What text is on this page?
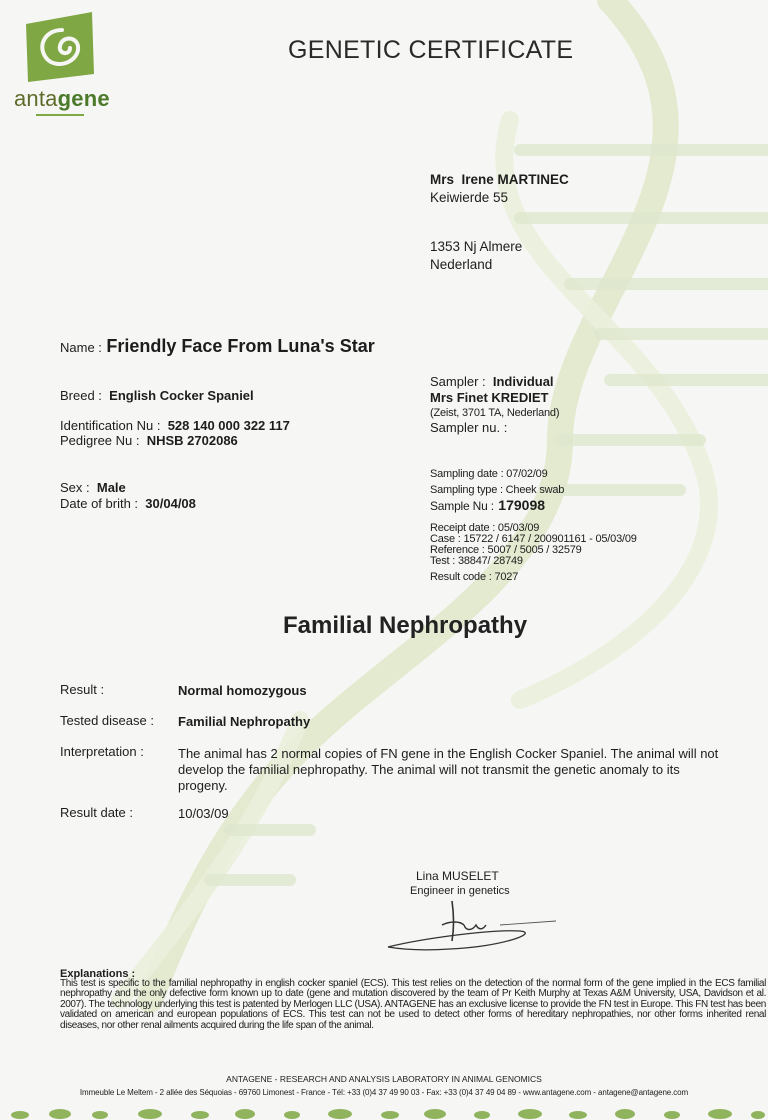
antagene
GENETIC CERTIFICATE
Mrs Irene MARTINEC
Keiwierde 55
1353 Nj Almere
Nederland
Name : Friendly Face From Luna's Star
Breed : English Cocker Spaniel
Identification Nu : 528 140 000 322 117
Pedigree Nu : NHSB 2702086
Sex : Male
Date of brith : 30/04/08
Sampler : Individual
Mrs Finet KREDIET
(Zeist, 3701 TA, Nederland)
Sampler nu. :
Sampling date : 07/02/09
Sampling type : Cheek swab
Sample Nu : 179098
Receipt date : 05/03/09
Case : 15722 / 6147 / 200901161 - 05/03/09
Reference : 5007 / 5005 / 32579
Test : 38847/ 28749
Result code : 7027
Familial Nephropathy
Result :	Normal homozygous
Tested disease : Familial Nephropathy
Interpretation :	The animal has 2 normal copies of FN gene in the English Cocker Spaniel. The animal will not develop the familial nephropathy. The animal will not transmit the genetic anomaly to its progeny.
Result date :	10/03/09
Lina MUSELET
Engineer in genetics
Explanations :
This test is specific to the familial nephropathy in english cocker spaniel (ECS). This test relies on the detection of the normal form of the gene implied in the ECS familial nephropathy and the only defective form known up to date (gene and mutation discovered by the team of Pr Keith Murphy at Texas A&M University, USA, Davidson et al. 2007). The technology underlying this test is patented by Merlogen LLC (USA). ANTAGENE has an exclusive license to provide the FN test in Europe. This FN test has been validated on american and european populations of ECS. This test can not be used to detect other forms of hereditary nephropathies, nor other forms inherited renal diseases, nor other renal ailments acquired during the life span of the animal.
ANTAGENE - RESEARCH AND ANALYSIS LABORATORY IN ANIMAL GENOMICS
Immeuble Le Meltem - 2 allée des Séquoias - 69760 Limonest - France - Tél: +33 (0)4 37 49 90 03 - Fax: +33 (0)4 37 49 04 89 - www.antagene.com - antagene@antagene.com
